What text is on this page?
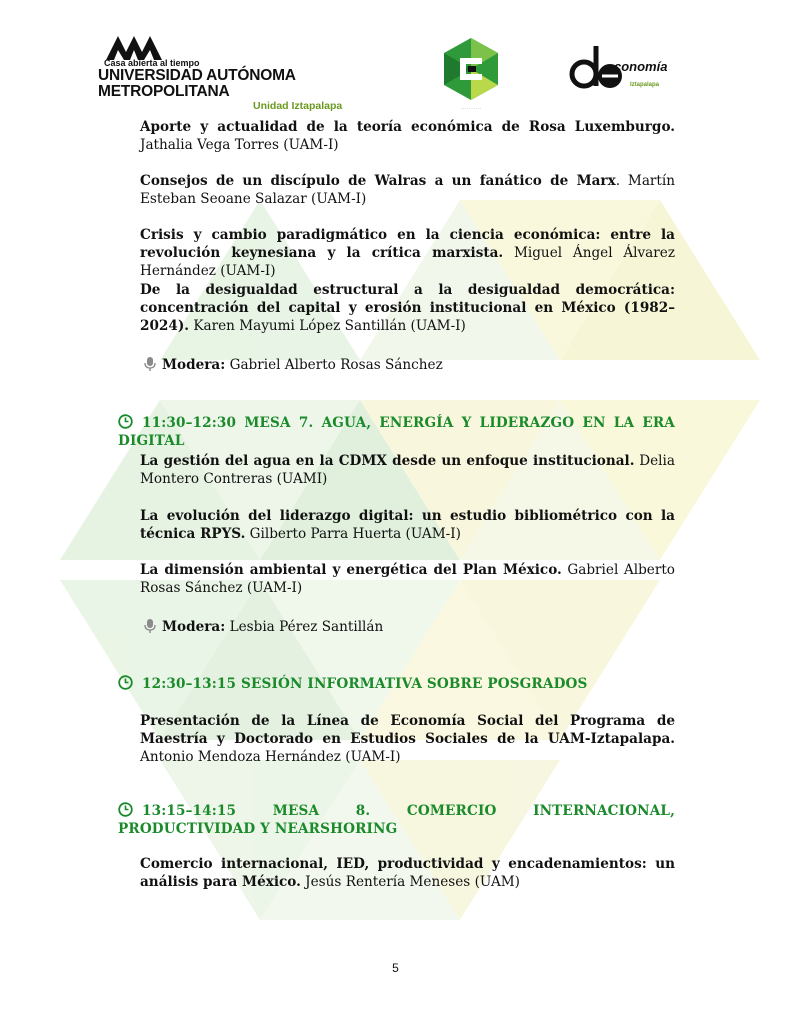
Casa abierta al tiempo
UNIVERSIDAD AUTÓNOMA METROPOLITANA
Unidad Iztapalapa	· · · · · · · · · ·
conomía
Iztapalapa
Aporte y actualidad de la teoría económica de Rosa Luxemburgo. Jathalia Vega Torres (UAM-I)
Consejos de un discípulo de Walras a un fanático de Marx. Martín Esteban Seoane Salazar (UAM-I)
Crisis y cambio paradigmático en la ciencia económica: entre la revolución keynesiana y la crítica marxista. Miguel Ángel Álvarez Hernández (UAM-I)
De la desigualdad estructural a la desigualdad democrática: concentración del capital y erosión institucional en México (1982–2024). Karen Mayumi López Santillán (UAM-I)
Modera: Gabriel Alberto Rosas Sánchez
11:30–12:30 MESA 7. AGUA, ENERGÍA Y LIDERAZGO EN LA ERA DIGITAL
La gestión del agua en la CDMX desde un enfoque institucional. Delia Montero Contreras (UAMI)
La evolución del liderazgo digital: un estudio bibliométrico con la técnica RPYS. Gilberto Parra Huerta (UAM-I)
La dimensión ambiental y energética del Plan México. Gabriel Alberto Rosas Sánchez (UAM-I)
Modera: Lesbia Pérez Santillán
12:30–13:15 SESIÓN INFORMATIVA SOBRE POSGRADOS
Presentación de la Línea de Economía Social del Programa de Maestría y Doctorado en Estudios Sociales de la UAM-Iztapalapa. Antonio Mendoza Hernández (UAM-I)
13:15–14:15 MESA 8. COMERCIO INTERNACIONAL, PRODUCTIVIDAD Y NEARSHORING
Comercio internacional, IED, productividad y encadenamientos: un análisis para México. Jesús Rentería Meneses (UAM)
5
